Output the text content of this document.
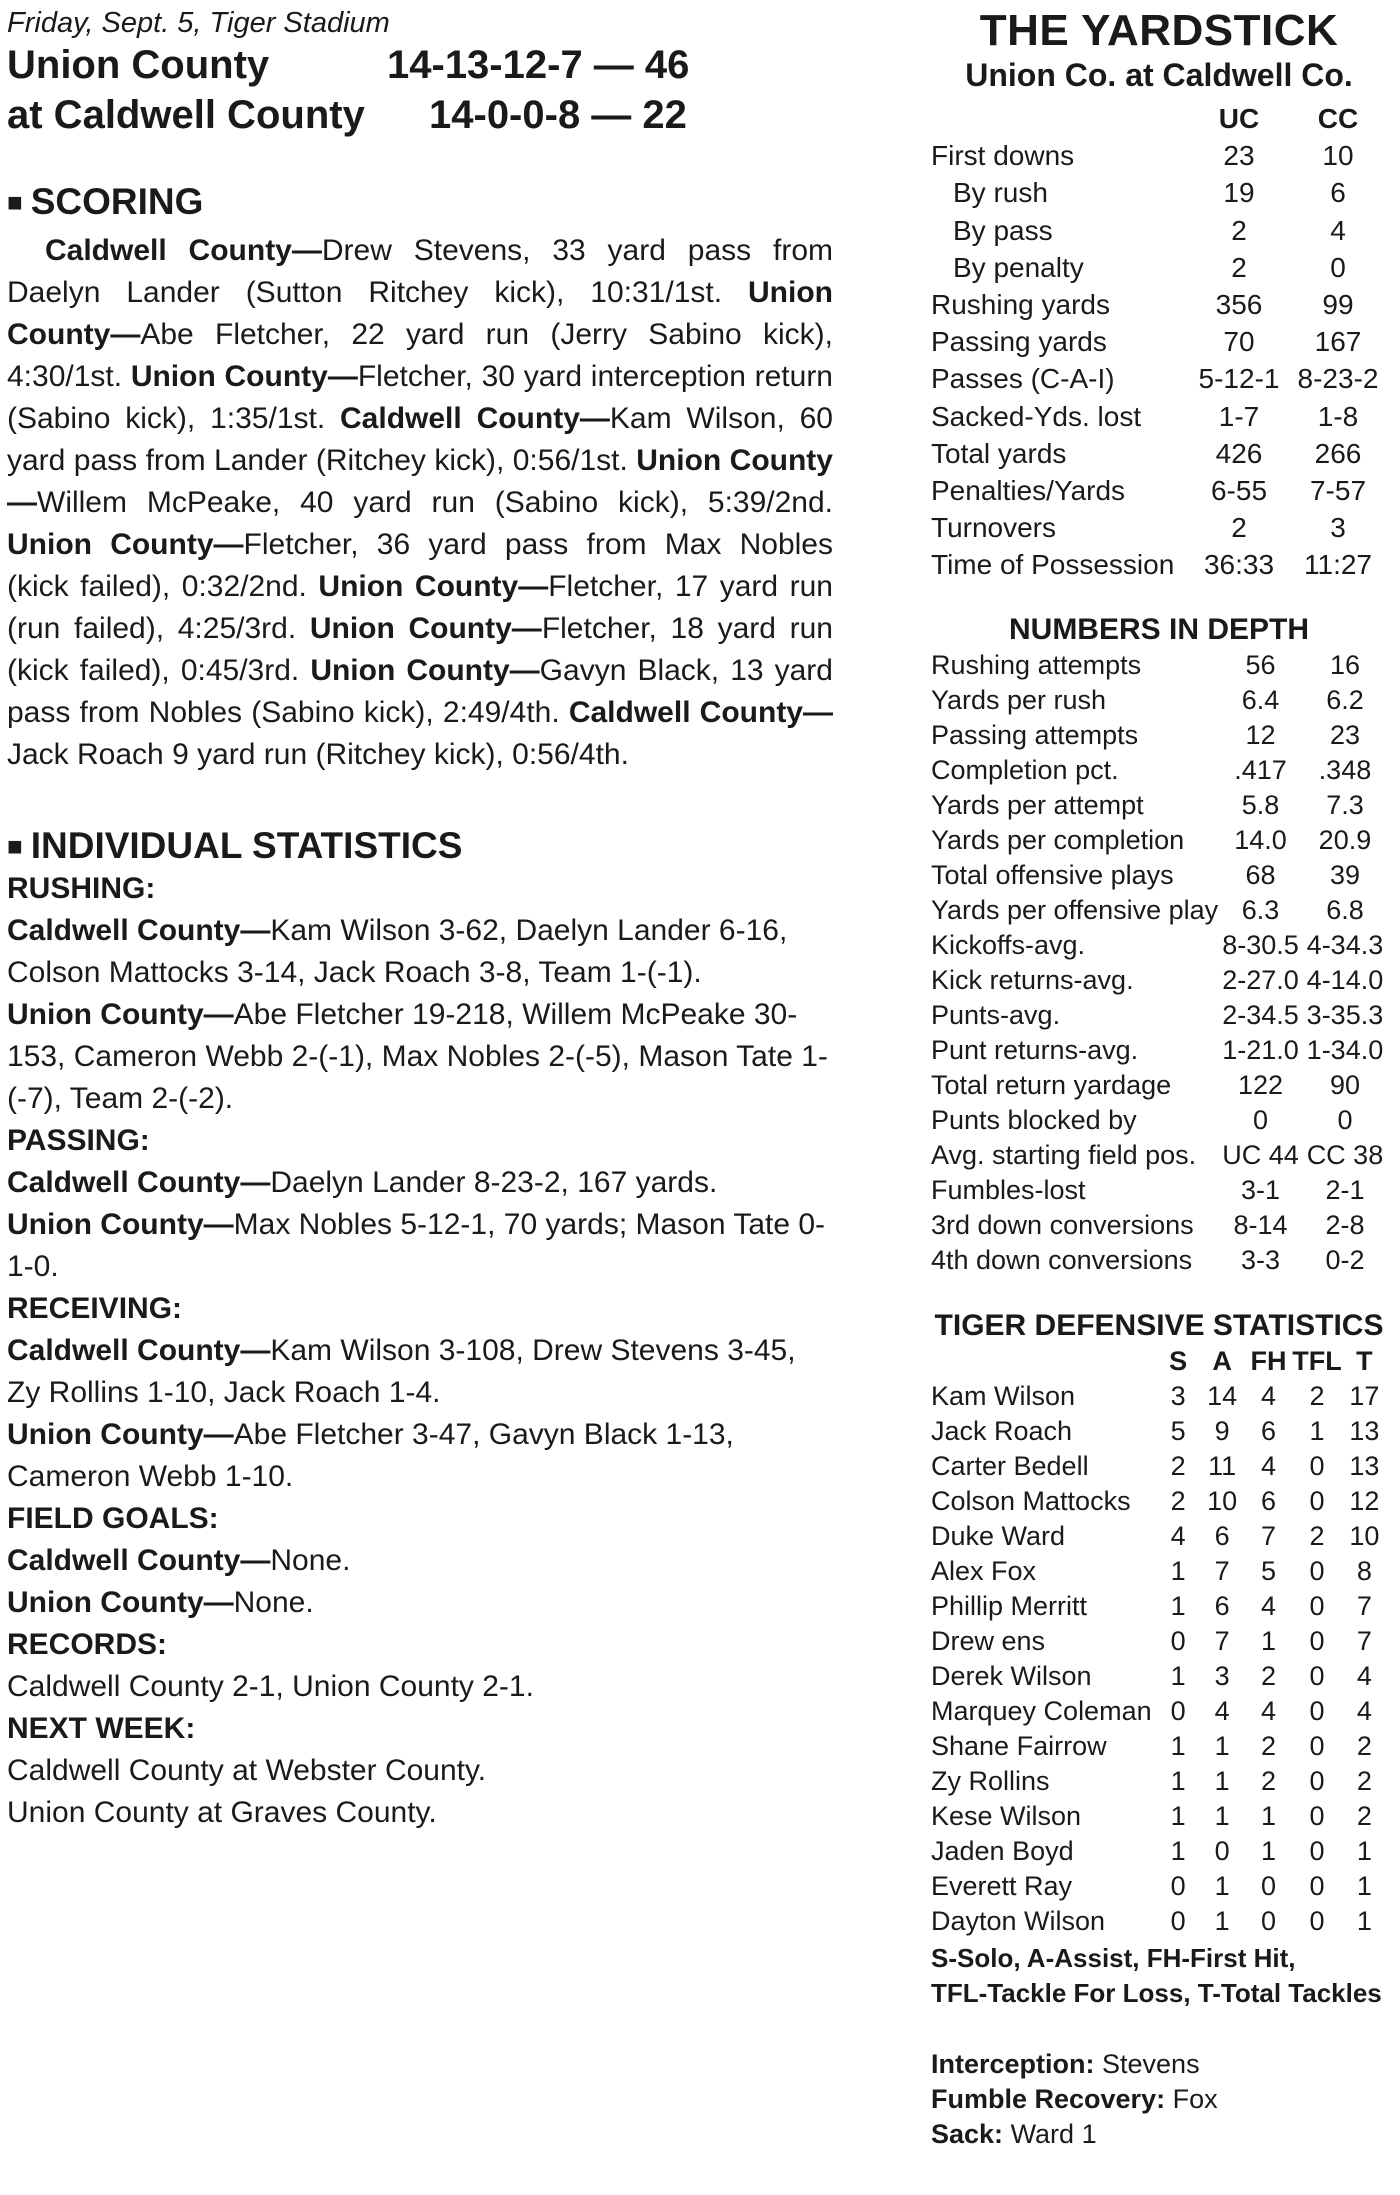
Friday, Sept. 5, Tiger Stadium
Union County	14-13-12-7 — 46
at Caldwell County 14-0-0-8 — 22
■ SCORING

Caldwell County—Drew Stevens, 33 yard pass from Daelyn Lander (Sutton Ritchey kick), 10:31/1st. Union County—Abe Fletcher, 22 yard run (Jerry Sabino kick), 4:30/1st. Union County—Fletcher, 30 yard interception return (Sabino kick), 1:35/1st. Caldwell County—Kam Wilson, 60 yard pass from Lander (Ritchey kick), 0:56/1st. Union County—Willem McPeake, 40 yard run (Sabino kick), 5:39/2nd. Union County—Fletcher, 36 yard pass from Max Nobles (kick failed), 0:32/2nd. Union County—Fletcher, 17 yard run (run failed), 4:25/3rd. Union County—Fletcher, 18 yard run (kick failed), 0:45/3rd. Union County—Gavyn Black, 13 yard pass from Nobles (Sabino kick), 2:49/4th. Caldwell County—Jack Roach 9 yard run (Ritchey kick), 0:56/4th.

■ INDIVIDUAL STATISTICS
RUSHING:
Caldwell County—Kam Wilson 3-62, Daelyn Lander 6-16, Colson Mattocks 3-14, Jack Roach 3-8, Team 1-(-1).
Union County—Abe Fletcher 19-218, Willem McPeake 30-153, Cameron Webb 2-(-1), Max Nobles 2-(-5), Mason Tate 1-(-7), Team 2-(-2).
PASSING:
Caldwell County—Daelyn Lander 8-23-2, 167 yards.
Union County—Max Nobles 5-12-1, 70 yards; Mason Tate 0-1-0.
RECEIVING:
Caldwell County—Kam Wilson 3-108, Drew Stevens 3-45, Zy Rollins 1-10, Jack Roach 1-4.
Union County—Abe Fletcher 3-47, Gavyn Black 1-13, Cameron Webb 1-10.
FIELD GOALS:
Caldwell County—None.
Union County—None.
RECORDS:
Caldwell County 2-1, Union County 2-1.
NEXT WEEK:
Caldwell County at Webster County.
Union County at Graves County.
THE YARDSTICK
Union Co. at Caldwell Co.
	UC	CC
First downs	23	10
By rush	19	6
By pass	2	4
By penalty	2	0
Rushing yards	356	99
Passing yards	70	167
Passes (C-A-I)	5-12-1	8-23-2
Sacked-Yds. lost	1-7	1-8
Total yards	426	266
Penalties/Yards	6-55	7-57
Turnovers	2	3
Time of Possession	36:33	11:27
NUMBERS IN DEPTH
Rushing attempts	56	16
Yards per rush	6.4	6.2
Passing attempts	12	23
Completion pct.	.417	.348
Yards per attempt	5.8	7.3
Yards per completion	14.0	20.9
Total offensive plays	68	39
Yards per offensive play	6.3	6.8
Kickoffs-avg.	8-30.5	4-34.3
Kick returns-avg.	2-27.0	4-14.0
Punts-avg.	2-34.5	3-35.3
Punt returns-avg.	1-21.0	1-34.0
Total return yardage	122	90
Punts blocked by	0	0
Avg. starting field pos.	UC 44	CC 38
Fumbles-lost	3-1	2-1
3rd down conversions	8-14	2-8
4th down conversions	3-3	0-2
TIGER DEFENSIVE STATISTICS
	S	A	FH	TFL	T
Kam Wilson	3	14	4	2	17
Jack Roach	5	9	6	1	13
Carter Bedell	2	11	4	0	13
Colson Mattocks	2	10	6	0	12
Duke Ward	4	6	7	2	10
Alex Fox	1	7	5	0	8
Phillip Merritt	1	6	4	0	7
Drew ens	0	7	1	0	7
Derek Wilson	1	3	2	0	4
Marquey Coleman	0	4	4	0	4
Shane Fairrow	1	1	2	0	2
Zy Rollins	1	1	2	0	2
Kese Wilson	1	1	1	0	2
Jaden Boyd	1	0	1	0	1
Everett Ray	0	1	0	0	1
Dayton Wilson	0	1	0	0	1
S-Solo, A-Assist, FH-First Hit,
TFL-Tackle For Loss, T-Total Tackles
Interception: Stevens
Fumble Recovery: Fox
Sack: Ward 1
